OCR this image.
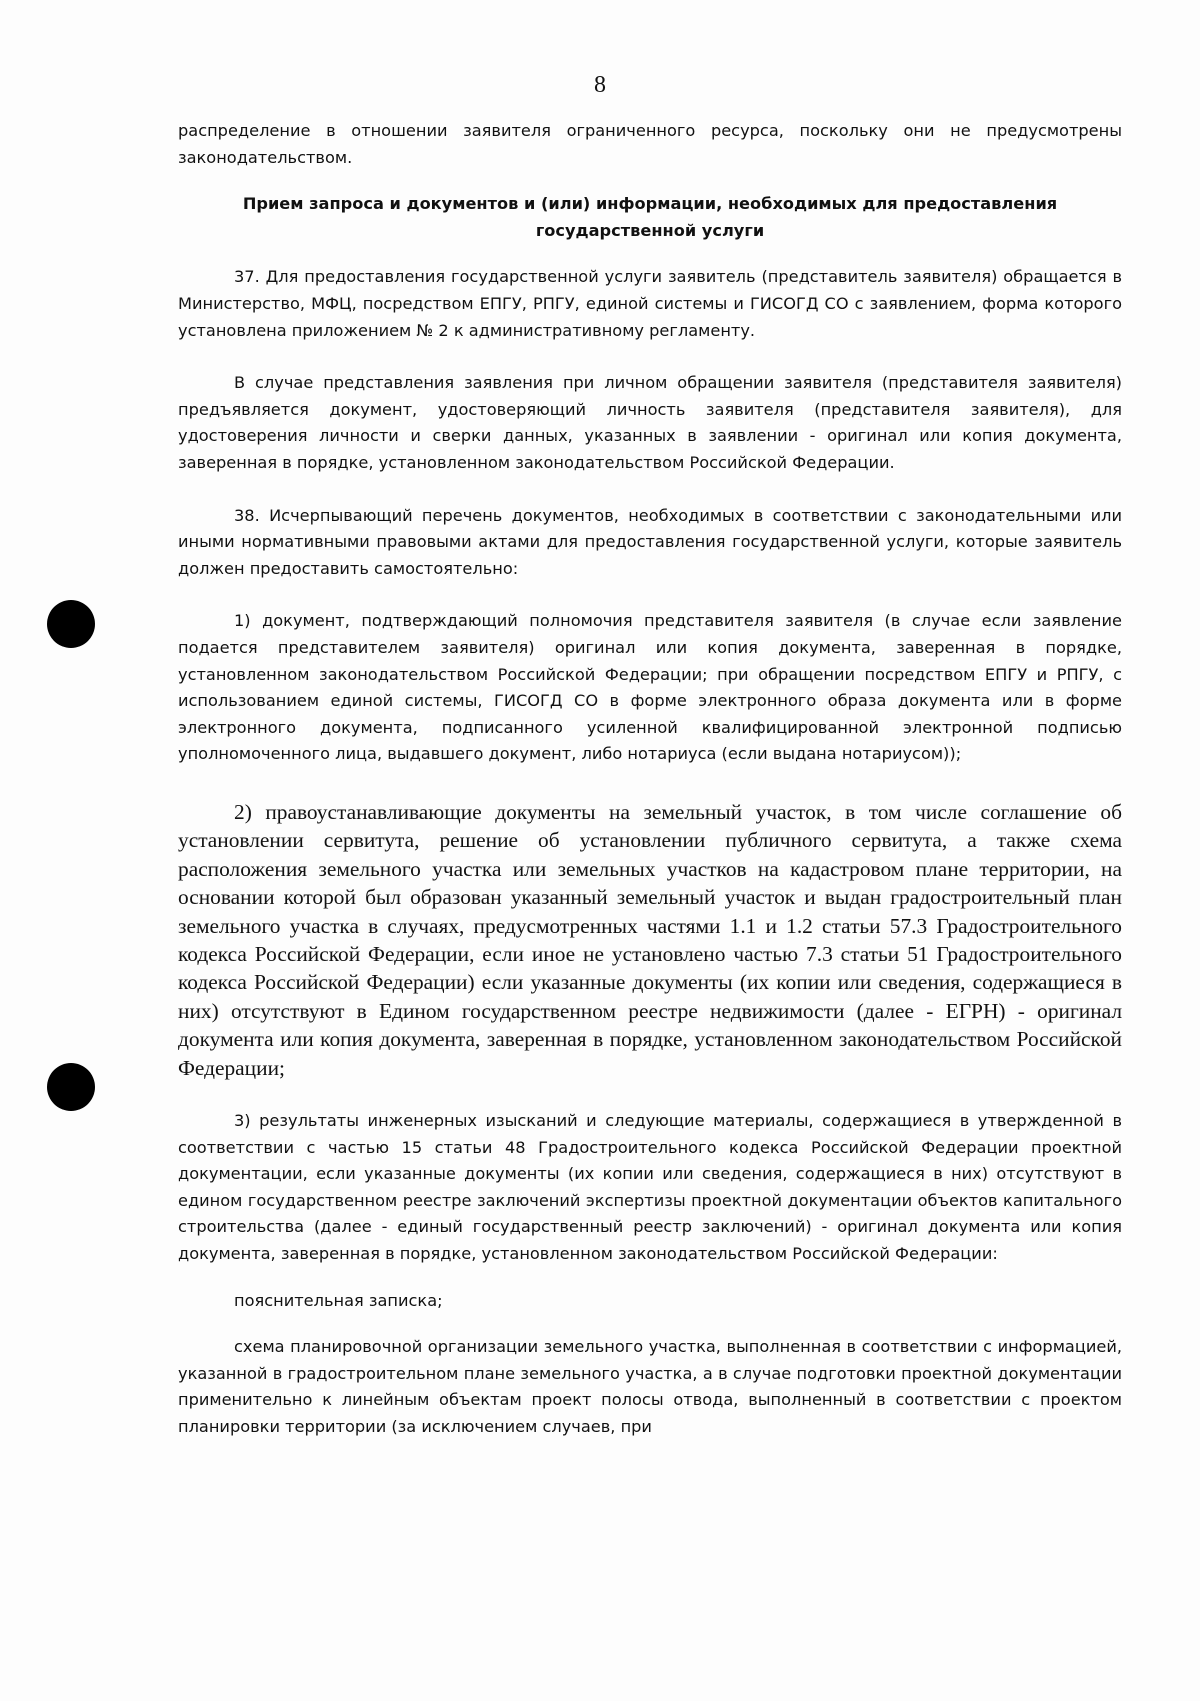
8

распределение в отношении заявителя ограниченного ресурса, поскольку они не предусмотрены законодательством.

Прием запроса и документов и (или) информации, необходимых для предоставления государственной услуги

37. Для предоставления государственной услуги заявитель (представитель заявителя) обращается в Министерство, МФЦ, посредством ЕПГУ, РПГУ, единой системы и ГИСОГД СО с заявлением, форма которого установлена приложением № 2 к административному регламенту.

В случае представления заявления при личном обращении заявителя (представителя заявителя) предъявляется документ, удостоверяющий личность заявителя (представителя заявителя), для удостоверения личности и сверки данных, указанных в заявлении - оригинал или копия документа, заверенная в порядке, установленном законодательством Российской Федерации.

38. Исчерпывающий перечень документов, необходимых в соответствии с законодательными или иными нормативными правовыми актами для предоставления государственной услуги, которые заявитель должен предоставить самостоятельно:

1) документ, подтверждающий полномочия представителя заявителя (в случае если заявление подается представителем заявителя) оригинал или копия документа, заверенная в порядке, установленном законодательством Российской Федерации; при обращении посредством ЕПГУ и РПГУ, с использованием единой системы, ГИСОГД СО в форме электронного образа документа или в форме электронного документа, подписанного усиленной квалифицированной электронной подписью уполномоченного лица, выдавшего документ, либо нотариуса (если выдана нотариусом));

2) правоустанавливающие документы на земельный участок, в том числе соглашение об установлении сервитута, решение об установлении публичного сервитута, а также схема расположения земельного участка или земельных участков на кадастровом плане территории, на основании которой был образован указанный земельный участок и выдан градостроительный план земельного участка в случаях, предусмотренных частями 1.1 и 1.2 статьи 57.3 Градостроительного кодекса Российской Федерации, если иное не установлено частью 7.3 статьи 51 Градостроительного кодекса Российской Федерации) если указанные документы (их копии или сведения, содержащиеся в них) отсутствуют в Едином государственном реестре недвижимости (далее - ЕГРН) - оригинал документа или копия документа, заверенная в порядке, установленном законодательством Российской Федерации;

3) результаты инженерных изысканий и следующие материалы, содержащиеся в утвержденной в соответствии с частью 15 статьи 48 Градостроительного кодекса Российской Федерации проектной документации, если указанные документы (их копии или сведения, содержащиеся в них) отсутствуют в едином государственном реестре заключений экспертизы проектной документации объектов капитального строительства (далее - единый государственный реестр заключений) - оригинал документа или копия документа, заверенная в порядке, установленном законодательством Российской Федерации:

пояснительная записка;

схема планировочной организации земельного участка, выполненная в соответствии с информацией, указанной в градостроительном плане земельного участка, а в случае подготовки проектной документации применительно к линейным объектам проект полосы отвода, выполненный в соответствии с проектом планировки территории (за исключением случаев, при
